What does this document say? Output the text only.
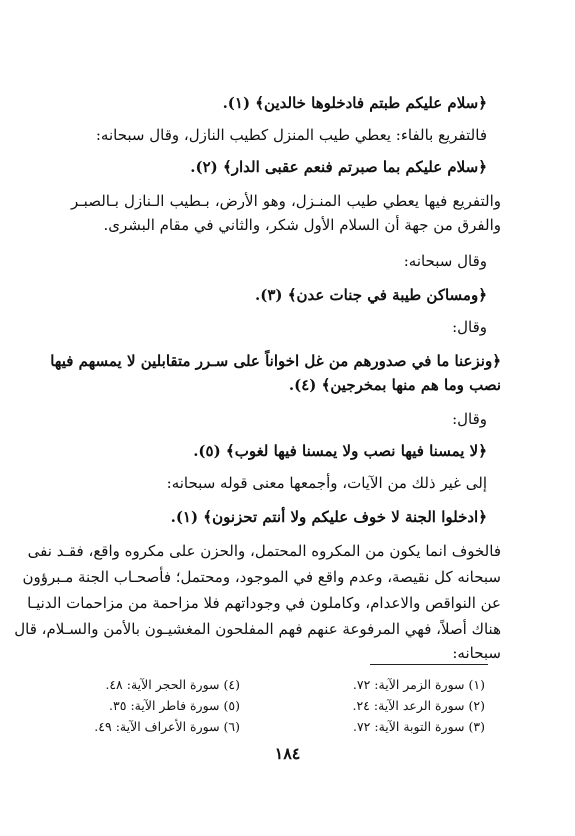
﴿سلام عليكم طبتم فادخلوها خالدين﴾ (١).
فالتفريع بالفاء: يعطي طيب المنزل كطيب النازل، وقال سبحانه:
﴿سلام عليكم بما صبرتم فنعم عقبى الدار﴾ (٢).
والتفريع فيها يعطي طيب المنـزل، وهو الأرض، بـطيب الـنازل بـالصبـر
والفرق من جهة أن السلام الأول شكر، والثاني في مقام البشرى.
وقال سبحانه:
﴿ومساكن طيبة في جنات عدن﴾ (٣).
وقال:
﴿ونزعنا ما في صدورهم من غل اخواناً على سـرر متقابلين لا يمسهم فيها
نصب وما هم منها بمخرجين﴾ (٤).
وقال:
﴿لا يمسنا فيها نصب ولا يمسنا فيها لغوب﴾ (٥).
إلى غير ذلك من الآيات، وأجمعها معنى قوله سبحانه:
﴿ادخلوا الجنة لا خوف عليكم ولا أنتم تحزنون﴾ (١).
فالخوف انما يكون من المكروه المحتمل، والحزن على مكروه واقع، فقـد نفى
سبحانه كل نقيصة، وعدم واقع في الموجود، ومحتمل؛ فأصحـاب الجنة مـبرؤون
عن النواقص والاعدام، وكاملون في وجوداتهم فلا مزاحمة من مزاحمات الدنيـا
هناك أصلاً، فهي المرفوعة عنهم فهم المفلحون المغشيـون بالأمن والسـلام، قال
سبحانه:
(١) سورة الزمر الآية: ٧٢.
(٢) سورة الرعد الآية: ٢٤.
(٣) سورة التوبة الآية: ٧٢.
(٤) سورة الحجر الآية: ٤٨.
(٥) سورة فاطر الآية: ٣٥.
(٦) سورة الأعراف الآية: ٤٩.
١٨٤
